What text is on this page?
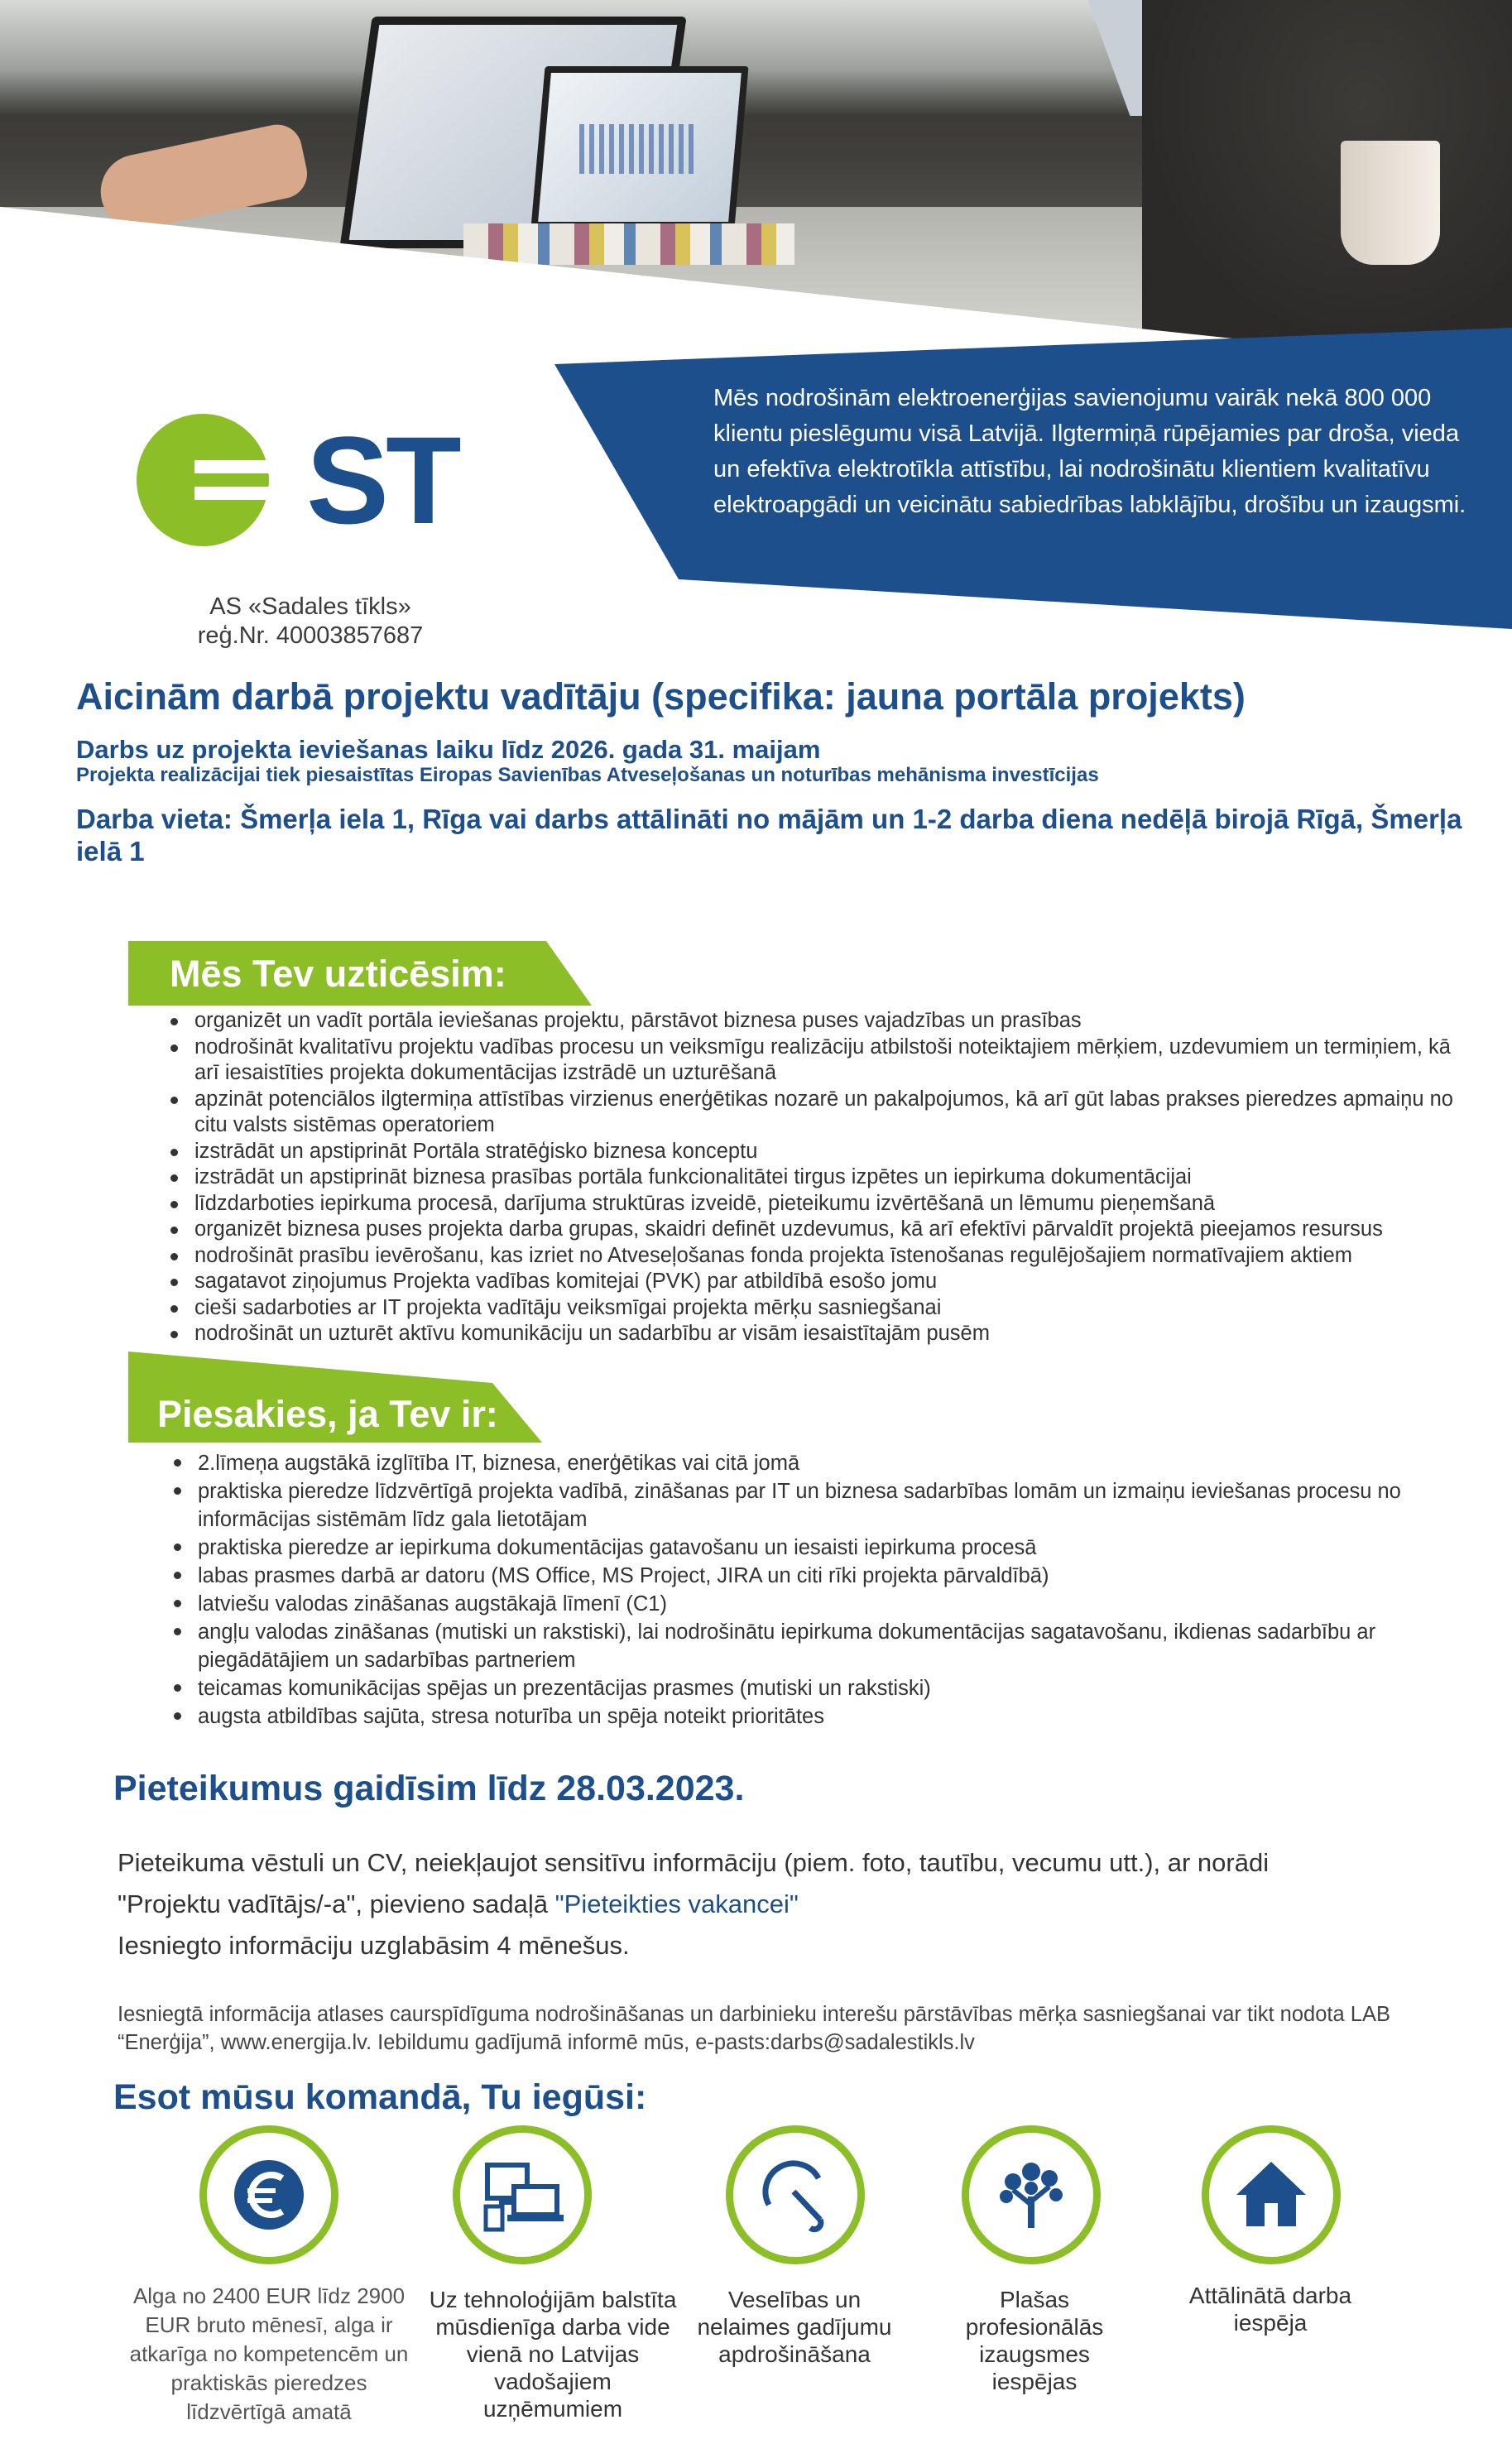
Mēs nodrošinām elektroenerģijas savienojumu vairāk nekā 800 000 klientu pieslēgumu visā Latvijā. Ilgtermiņā rūpējamies par droša, vieda un efektīva elektrotīkla attīstību, lai nodrošinātu klientiem kvalitatīvu elektroapgādi un veicinātu sabiedrības labklājību, drošību un izaugsmi.
ST
AS «Sadales tīkls»
reģ.Nr. 40003857687
Aicinām darbā projektu vadītāju (specifika: jauna portāla projekts)
Darbs uz projekta ieviešanas laiku līdz 2026. gada 31. maijam
Projekta realizācijai tiek piesaistītas Eiropas Savienības Atveseļošanas un noturības mehānisma investīcijas
Darba vieta: Šmerļa iela 1, Rīga vai darbs attālināti no mājām un 1-2 darba diena nedēļā birojā Rīgā, Šmerļa ielā 1
Mēs Tev uzticēsim:
organizēt un vadīt portāla ieviešanas projektu, pārstāvot biznesa puses vajadzības un prasības
nodrošināt kvalitatīvu projektu vadības procesu un veiksmīgu realizāciju atbilstoši noteiktajiem mērķiem, uzdevumiem un termiņiem, kā arī iesaistīties projekta dokumentācijas izstrādē un uzturēšanā
apzināt potenciālos ilgtermiņa attīstības virzienus enerģētikas nozarē un pakalpojumos, kā arī gūt labas prakses pieredzes apmaiņu no citu valsts sistēmas operatoriem
izstrādāt un apstiprināt Portāla stratēģisko biznesa konceptu
izstrādāt un apstiprināt biznesa prasības portāla funkcionalitātei tirgus izpētes un iepirkuma dokumentācijai
līdzdarboties iepirkuma procesā, darījuma struktūras izveidē, pieteikumu izvērtēšanā un lēmumu pieņemšanā
organizēt biznesa puses projekta darba grupas, skaidri definēt uzdevumus, kā arī efektīvi pārvaldīt projektā pieejamos resursus
nodrošināt prasību ievērošanu, kas izriet no Atveseļošanas fonda projekta īstenošanas regulējošajiem normatīvajiem aktiem
sagatavot ziņojumus Projekta vadības komitejai (PVK) par atbildībā esošo jomu
cieši sadarboties ar IT projekta vadītāju veiksmīgai projekta mērķu sasniegšanai
nodrošināt un uzturēt aktīvu komunikāciju un sadarbību ar visām iesaistītajām pusēm
Piesakies, ja Tev ir:
2.līmeņa augstākā izglītība IT, biznesa, enerģētikas vai citā jomā
praktiska pieredze līdzvērtīgā projekta vadībā, zināšanas par IT un biznesa sadarbības lomām un izmaiņu ieviešanas procesu no informācijas sistēmām līdz gala lietotājam
praktiska pieredze ar iepirkuma dokumentācijas gatavošanu un iesaisti iepirkuma procesā
labas prasmes darbā ar datoru (MS Office, MS Project, JIRA un citi rīki projekta pārvaldībā)
latviešu valodas zināšanas augstākajā līmenī (C1)
angļu valodas zināšanas (mutiski un rakstiski), lai nodrošinātu iepirkuma dokumentācijas sagatavošanu, ikdienas sadarbību ar piegādātājiem un sadarbības partneriem
teicamas komunikācijas spējas un prezentācijas prasmes (mutiski un rakstiski)
augsta atbildības sajūta, stresa noturība un spēja noteikt prioritātes
Pieteikumus gaidīsim līdz 28.03.2023.
Pieteikuma vēstuli un CV, neiekļaujot sensitīvu informāciju (piem. foto, tautību, vecumu utt.), ar norādi
"Projektu vadītājs/-a", pievieno sadaļā "Pieteikties vakancei"
Iesniegto informāciju uzglabāsim 4 mēnešus.
Iesniegtā informācija atlases caurspīdīguma nodrošināšanas un darbinieku interešu pārstāvības mērķa sasniegšanai var tikt nodota LAB “Enerģija”, www.energija.lv. Iebildumu gadījumā informē mūs, e-pasts:darbs@sadalestikls.lv
Esot mūsu komandā, Tu iegūsi:
Alga no 2400 EUR līdz 2900 EUR bruto mēnesī, alga ir atkarīga no kompetencēm un praktiskās pieredzes līdzvērtīgā amatā
Uz tehnoloģijām balstīta mūsdienīga darba vide vienā no Latvijas vadošajiem uzņēmumiem
Veselības un nelaimes gadījumu apdrošināšana
Plašas profesionālās izaugsmes iespējas
Attālinātā darba iespēja
